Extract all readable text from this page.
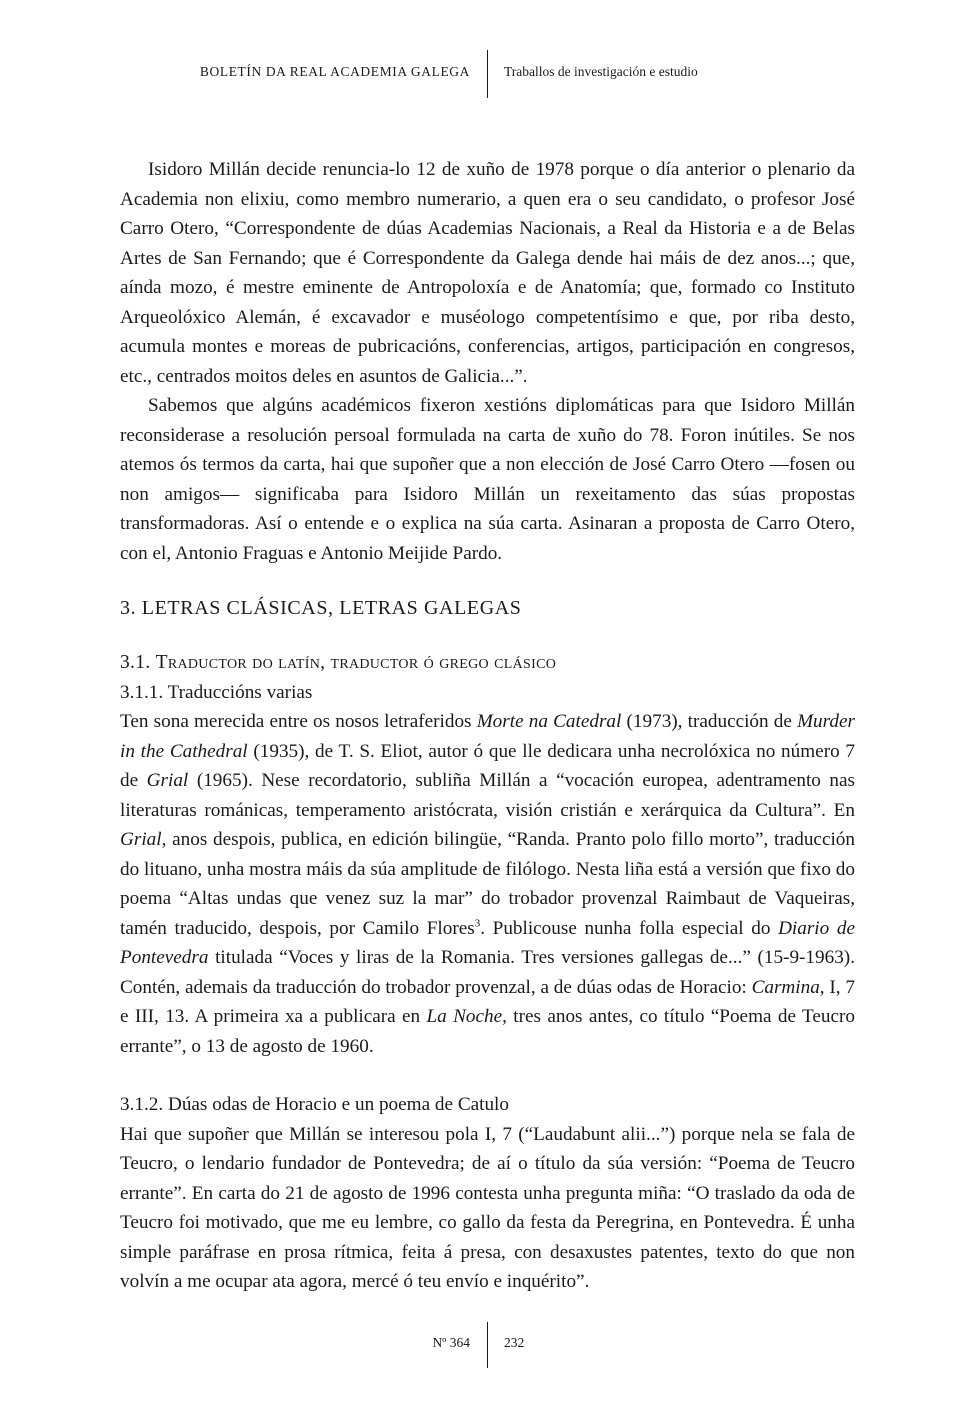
BOLETÍN DA REAL ACADEMIA GALEGA	Traballos de investigación e estudio

Isidoro Millán decide renuncia-lo 12 de xuño de 1978 porque o día anterior o plenario da Academia non elixiu, como membro numerario, a quen era o seu candidato, o profesor José Carro Otero, “Correspondente de dúas Academias Nacionais, a Real da Historia e a de Belas Artes de San Fernando; que é Correspondente da Galega dende hai máis de dez anos...; que, aínda mozo, é mestre eminente de Antropoloxía e de Anatomía; que, formado co Instituto Arqueolóxico Alemán, é excavador e muséologo competentísimo e que, por riba desto, acumula montes e moreas de pubricacións, conferencias, artigos, participación en congresos, etc., centrados moitos deles en asuntos de Galicia...”.

Sabemos que algúns académicos fixeron xestións diplomáticas para que Isidoro Millán reconsiderase a resolución persoal formulada na carta de xuño do 78. Foron inútiles. Se nos atemos ós termos da carta, hai que supoñer que a non elección de José Carro Otero —fosen ou non amigos— significaba para Isidoro Millán un rexeitamento das súas propostas transformadoras. Así o entende e o explica na súa carta. Asinaran a proposta de Carro Otero, con el, Antonio Fraguas e Antonio Meijide Pardo.

3. LETRAS CLÁSICAS, LETRAS GALEGAS
3.1. Traductor do latín, traductor ó grego clásico
3.1.1. Traduccións varias

Ten sona merecida entre os nosos letraferidos Morte na Catedral (1973), traducción de Murder in the Cathedral (1935), de T. S. Eliot, autor ó que lle dedicara unha necrolóxica no número 7 de Grial (1965). Nese recordatorio, subliña Millán a “vocación europea, adentramento nas literaturas románicas, temperamento aristócrata, visión cristián e xerárquica da Cultura”. En Grial, anos despois, publica, en edición bilingüe, “Randa. Pranto polo fillo morto”, traducción do lituano, unha mostra máis da súa amplitude de filólogo. Nesta liña está a versión que fixo do poema “Altas undas que venez suz la mar” do trobador provenzal Raimbaut de Vaqueiras, tamén traducido, despois, por Camilo Flores$^3$. Publicouse nunha folla especial do Diario de Pontevedra titulada “Voces y liras de la Romania. Tres versiones gallegas de...” (15-9-1963). Contén, ademais da traducción do trobador provenzal, a de dúas odas de Horacio: Carmina, I, 7 e III, 13. A primeira xa a publicara en La Noche, tres anos antes, co título “Poema de Teucro errante”, o 13 de agosto de 1960.

3.1.2. Dúas odas de Horacio e un poema de Catulo

Hai que supoñer que Millán se interesou pola I, 7 (“Laudabunt alii...”) porque nela se fala de Teucro, o lendario fundador de Pontevedra; de aí o título da súa versión: “Poema de Teucro errante”. En carta do 21 de agosto de 1996 contesta unha pregunta miña: “O traslado da oda de Teucro foi motivado, que me eu lembre, co gallo da festa da Peregrina, en Pontevedra. É unha simple paráfrase en prosa rítmica, feita á presa, con desaxustes patentes, texto do que non volvín a me ocupar ata agora, mercé ó teu envío e inquérito”.

Nº 364	232
